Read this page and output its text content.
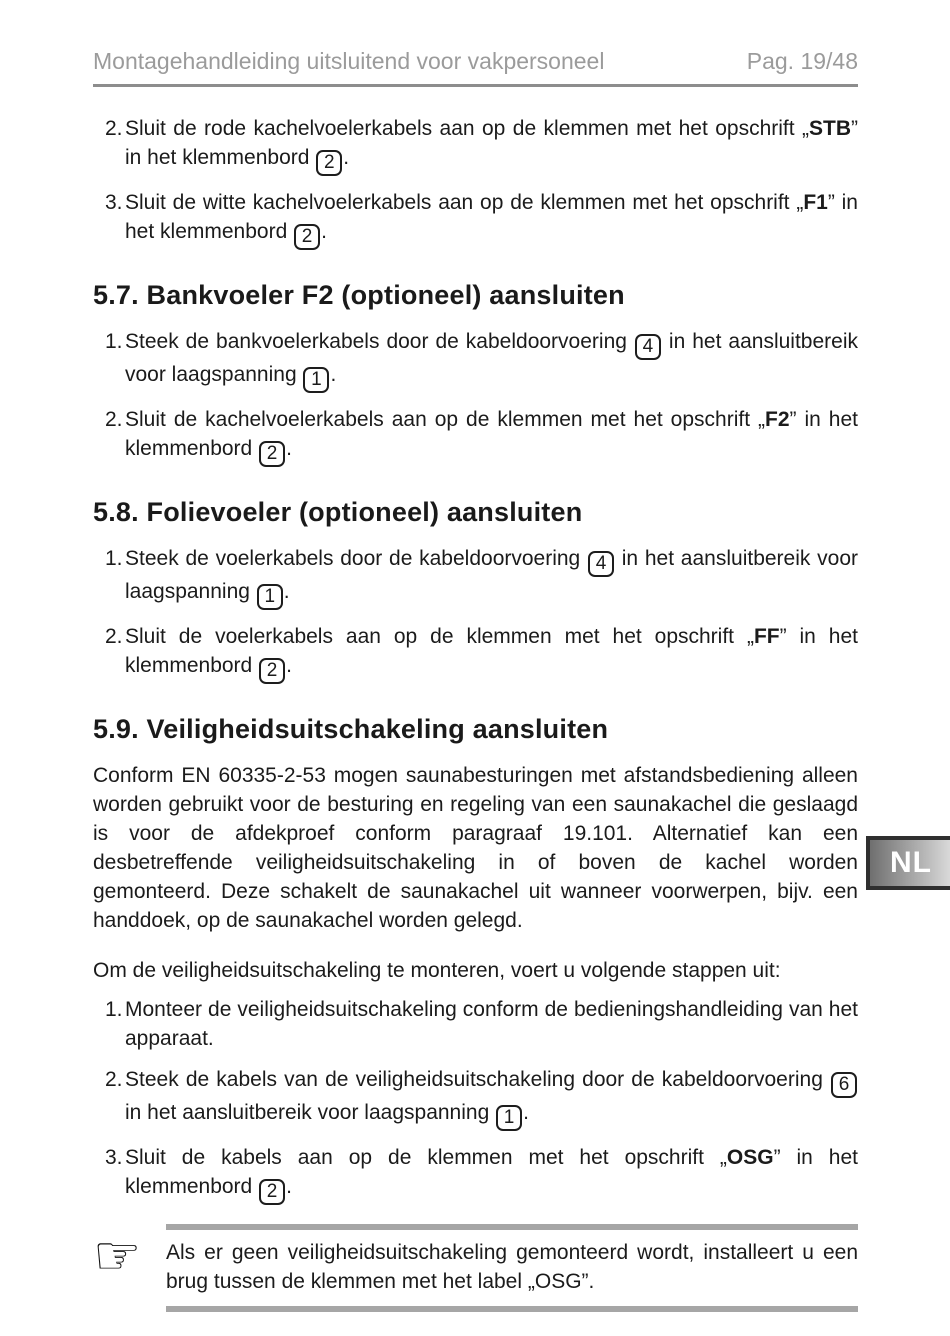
Montagehandleiding uitsluitend voor vakpersoneel	Pag. 19/48
2. Sluit de rode kachelvoelerkabels aan op de klemmen met het opschrift „STB” in het klemmenbord 2 .
3. Sluit de witte kachelvoelerkabels aan op de klemmen met het opschrift „F1” in het klemmenbord 2 .
5.7. Bankvoeler F2 (optioneel) aansluiten
1. Steek de bankvoelerkabels door de kabeldoorvoering 4 in het aansluitbereik voor laagspanning 1 .
2. Sluit de kachelvoelerkabels aan op de klemmen met het opschrift „F2” in het klemmenbord 2 .
5.8. Folievoeler (optioneel) aansluiten
1. Steek de voelerkabels door de kabeldoorvoering 4 in het aansluitbereik voor laagspanning 1 .
2. Sluit de voelerkabels aan op de klemmen met het opschrift „FF” in het klemmenbord 2 .
5.9. Veiligheidsuitschakeling aansluiten

Conform EN 60335-2-53 mogen saunabesturingen met afstandsbediening alleen worden gebruikt voor de besturing en regeling van een saunakachel die geslaagd is voor de afdekproef conform paragraaf 19.101. Alternatief kan een desbetreffende veiligheidsuitschakeling in of boven de kachel worden gemonteerd. Deze schakelt de saunakachel uit wanneer voorwerpen, bijv. een handdoek, op de saunakachel worden gelegd.

Om de veiligheidsuitschakeling te monteren, voert u volgende stappen uit:

1. Monteer de veiligheidsuitschakeling conform de bedieningshandleiding van het apparaat.
2. Steek de kabels van de veiligheidsuitschakeling door de kabeldoorvoering 6 in het aansluitbereik voor laagspanning 1 .
3. Sluit de kabels aan op de klemmen met het opschrift „OSG” in het klemmenbord 2 .
☞	Als er geen veiligheidsuitschakeling gemonteerd wordt, installeert u een brug tussen de klemmen met het label „OSG”.
NL
